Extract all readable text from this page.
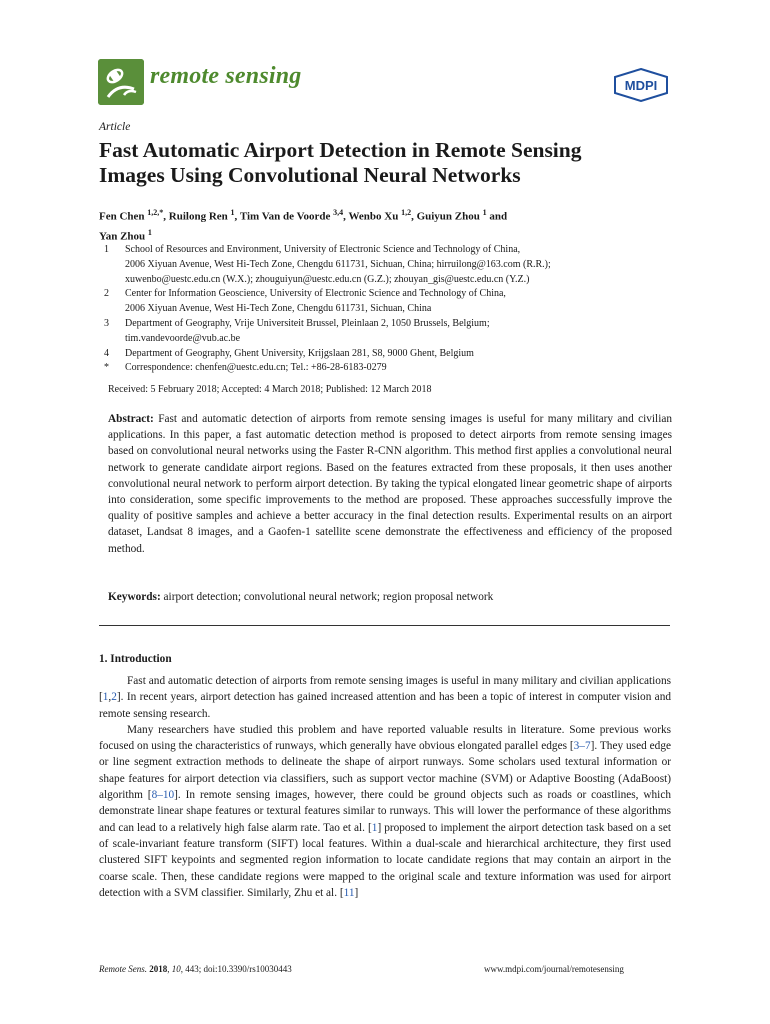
remote sensing	MDPI
Article
Fast Automatic Airport Detection in Remote Sensing
Images Using Convolutional Neural Networks
Fen Chen $^{1,2,*}$, Ruilong Ren $^1$, Tim Van de Voorde $^{3,4}$, Wenbo Xu $^{1,2}$, Guiyun Zhou $^1$ and
Yan Zhou $^1$
1	School of Resources and Environment, University of Electronic Science and Technology of China,
2006 Xiyuan Avenue, West Hi-Tech Zone, Chengdu 611731, Sichuan, China; hirruilong@163.com (R.R.);
xuwenbo@uestc.edu.cn (W.X.); zhouguiyun@uestc.edu.cn (G.Z.); zhouyan_gis@uestc.edu.cn (Y.Z.)
2	Center for Information Geoscience, University of Electronic Science and Technology of China,
2006 Xiyuan Avenue, West Hi-Tech Zone, Chengdu 611731, Sichuan, China
3	Department of Geography, Vrije Universiteit Brussel, Pleinlaan 2, 1050 Brussels, Belgium;
tim.vandevoorde@vub.ac.be
4	Department of Geography, Ghent University, Krijgslaan 281, S8, 9000 Ghent, Belgium
*	Correspondence: chenfen@uestc.edu.cn; Tel.: +86-28-6183-0279
Received: 5 February 2018; Accepted: 4 March 2018; Published: 12 March 2018
Abstract: Fast and automatic detection of airports from remote sensing images is useful for many military and civilian applications. In this paper, a fast automatic detection method is proposed to detect airports from remote sensing images based on convolutional neural networks using the Faster R-CNN algorithm. This method first applies a convolutional neural network to generate candidate airport regions. Based on the features extracted from these proposals, it then uses another convolutional neural network to perform airport detection. By taking the typical elongated linear geometric shape of airports into consideration, some specific improvements to the method are proposed. These approaches successfully improve the quality of positive samples and achieve a better accuracy in the final detection results. Experimental results on an airport dataset, Landsat 8 images, and a Gaofen-1 satellite scene demonstrate the effectiveness and efficiency of the proposed method.
Keywords: airport detection; convolutional neural network; region proposal network
1. Introduction

Fast and automatic detection of airports from remote sensing images is useful in many military and civilian applications [1,2]. In recent years, airport detection has gained increased attention and has been a topic of interest in computer vision and remote sensing research.

Many researchers have studied this problem and have reported valuable results in literature. Some previous works focused on using the characteristics of runways, which generally have obvious elongated parallel edges [3–7]. They used edge or line segment extraction methods to delineate the shape of airport runways. Some scholars used textural information or shape features for airport detection via classifiers, such as support vector machine (SVM) or Adaptive Boosting (AdaBoost) algorithm [8–10]. In remote sensing images, however, there could be ground objects such as roads or coastlines, which demonstrate linear shape features or textural features similar to runways. This will lower the performance of these algorithms and can lead to a relatively high false alarm rate. Tao et al. [1] proposed to implement the airport detection task based on a set of scale-invariant feature transform (SIFT) local features. Within a dual-scale and hierarchical architecture, they first used clustered SIFT keypoints and segmented region information to locate candidate regions that may contain an airport in the coarse scale. Then, these candidate regions were mapped to the original scale and texture information was used for airport detection with a SVM classifier. Similarly, Zhu et al. [11]

Remote Sens. 2018, 10, 443; doi:10.3390/rs10030443	www.mdpi.com/journal/remotesensing
